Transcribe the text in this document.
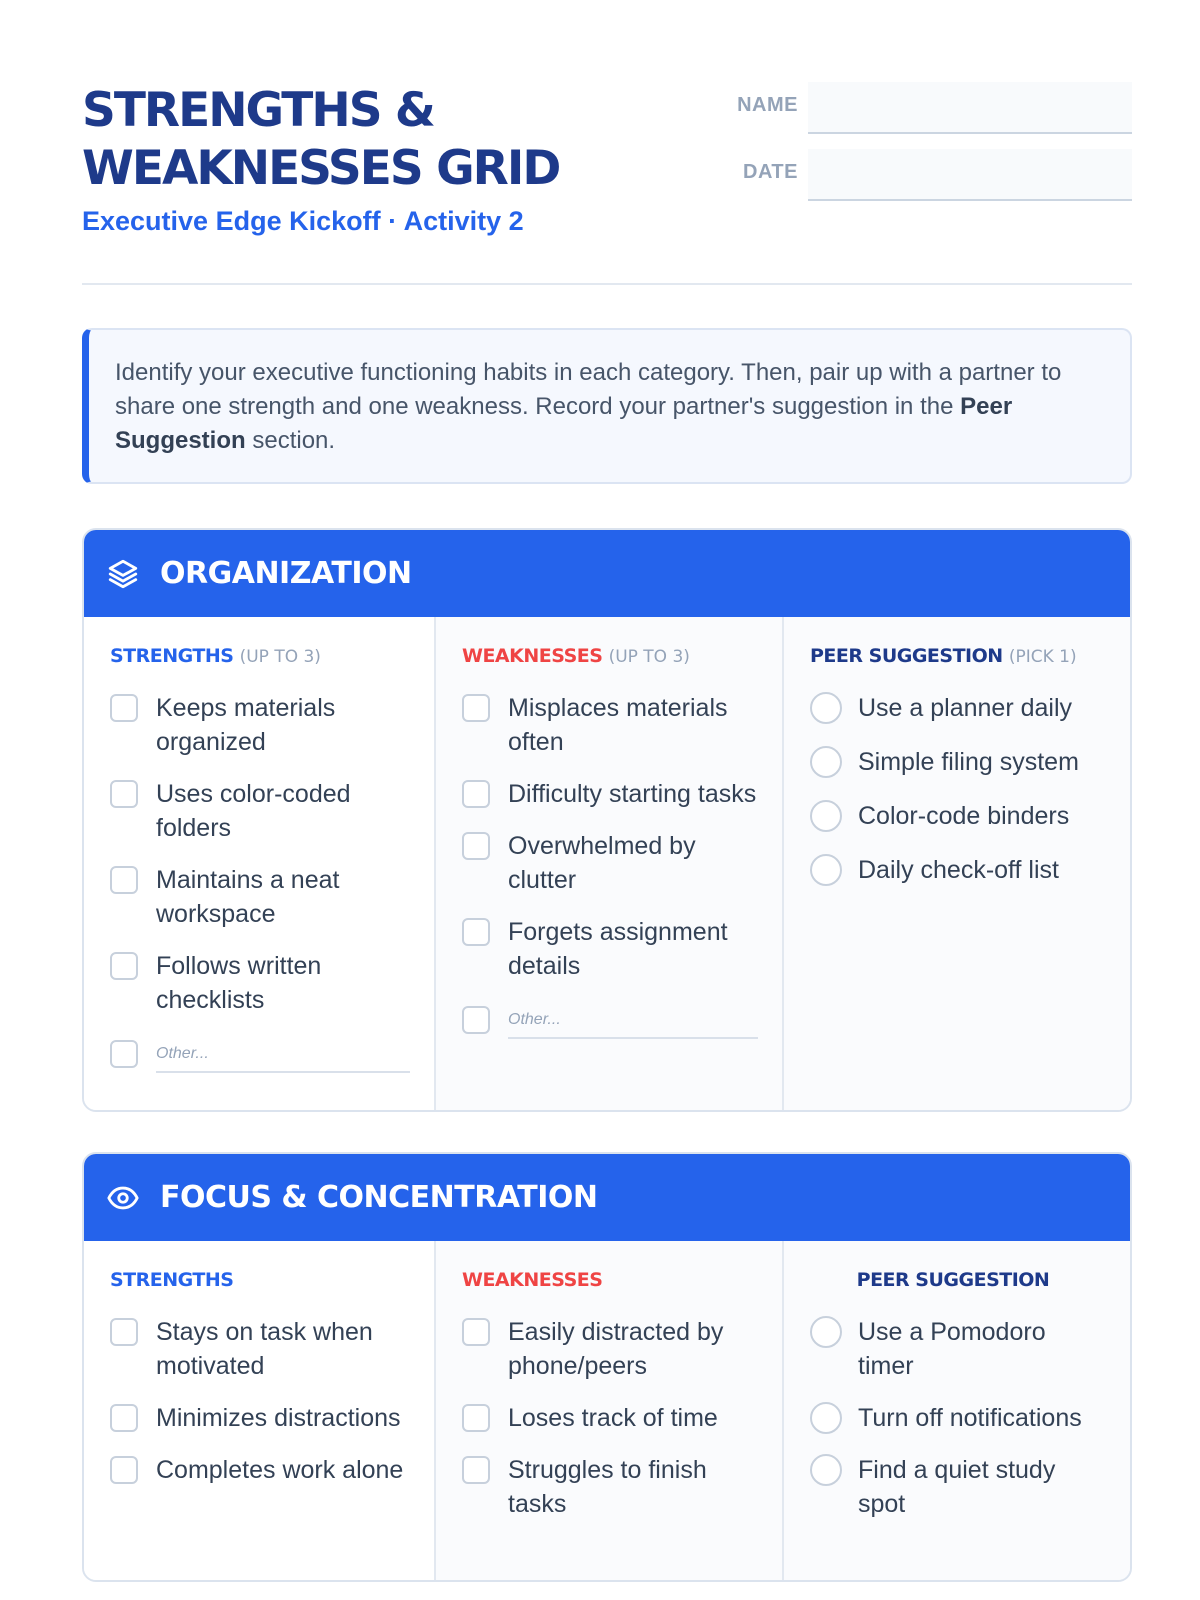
STRENGTHS &
WEAKNESSES GRID
Executive Edge Kickoff · Activity 2
NAME
DATE
Identify your executive functioning habits in each category. Then, pair up with a partner to share one strength and one weakness. Record your partner's suggestion in the Peer Suggestion section.
ORGANIZATION
STRENGTHS (UP TO 3)
Keeps materials organized
Uses color-coded folders
Maintains a neat workspace
Follows written checklists
Other...
WEAKNESSES (UP TO 3)
Misplaces materials often
Difficulty starting tasks
Overwhelmed by clutter
Forgets assignment details
Other...
PEER SUGGESTION (PICK 1)
Use a planner daily
Simple filing system
Color-code binders
Daily check-off list
FOCUS & CONCENTRATION
STRENGTHS
Stays on task when motivated
Minimizes distractions
Completes work alone
WEAKNESSES
Easily distracted by phone/peers
Loses track of time
Struggles to finish tasks
PEER SUGGESTION
Use a Pomodoro timer
Turn off notifications
Find a quiet study spot
